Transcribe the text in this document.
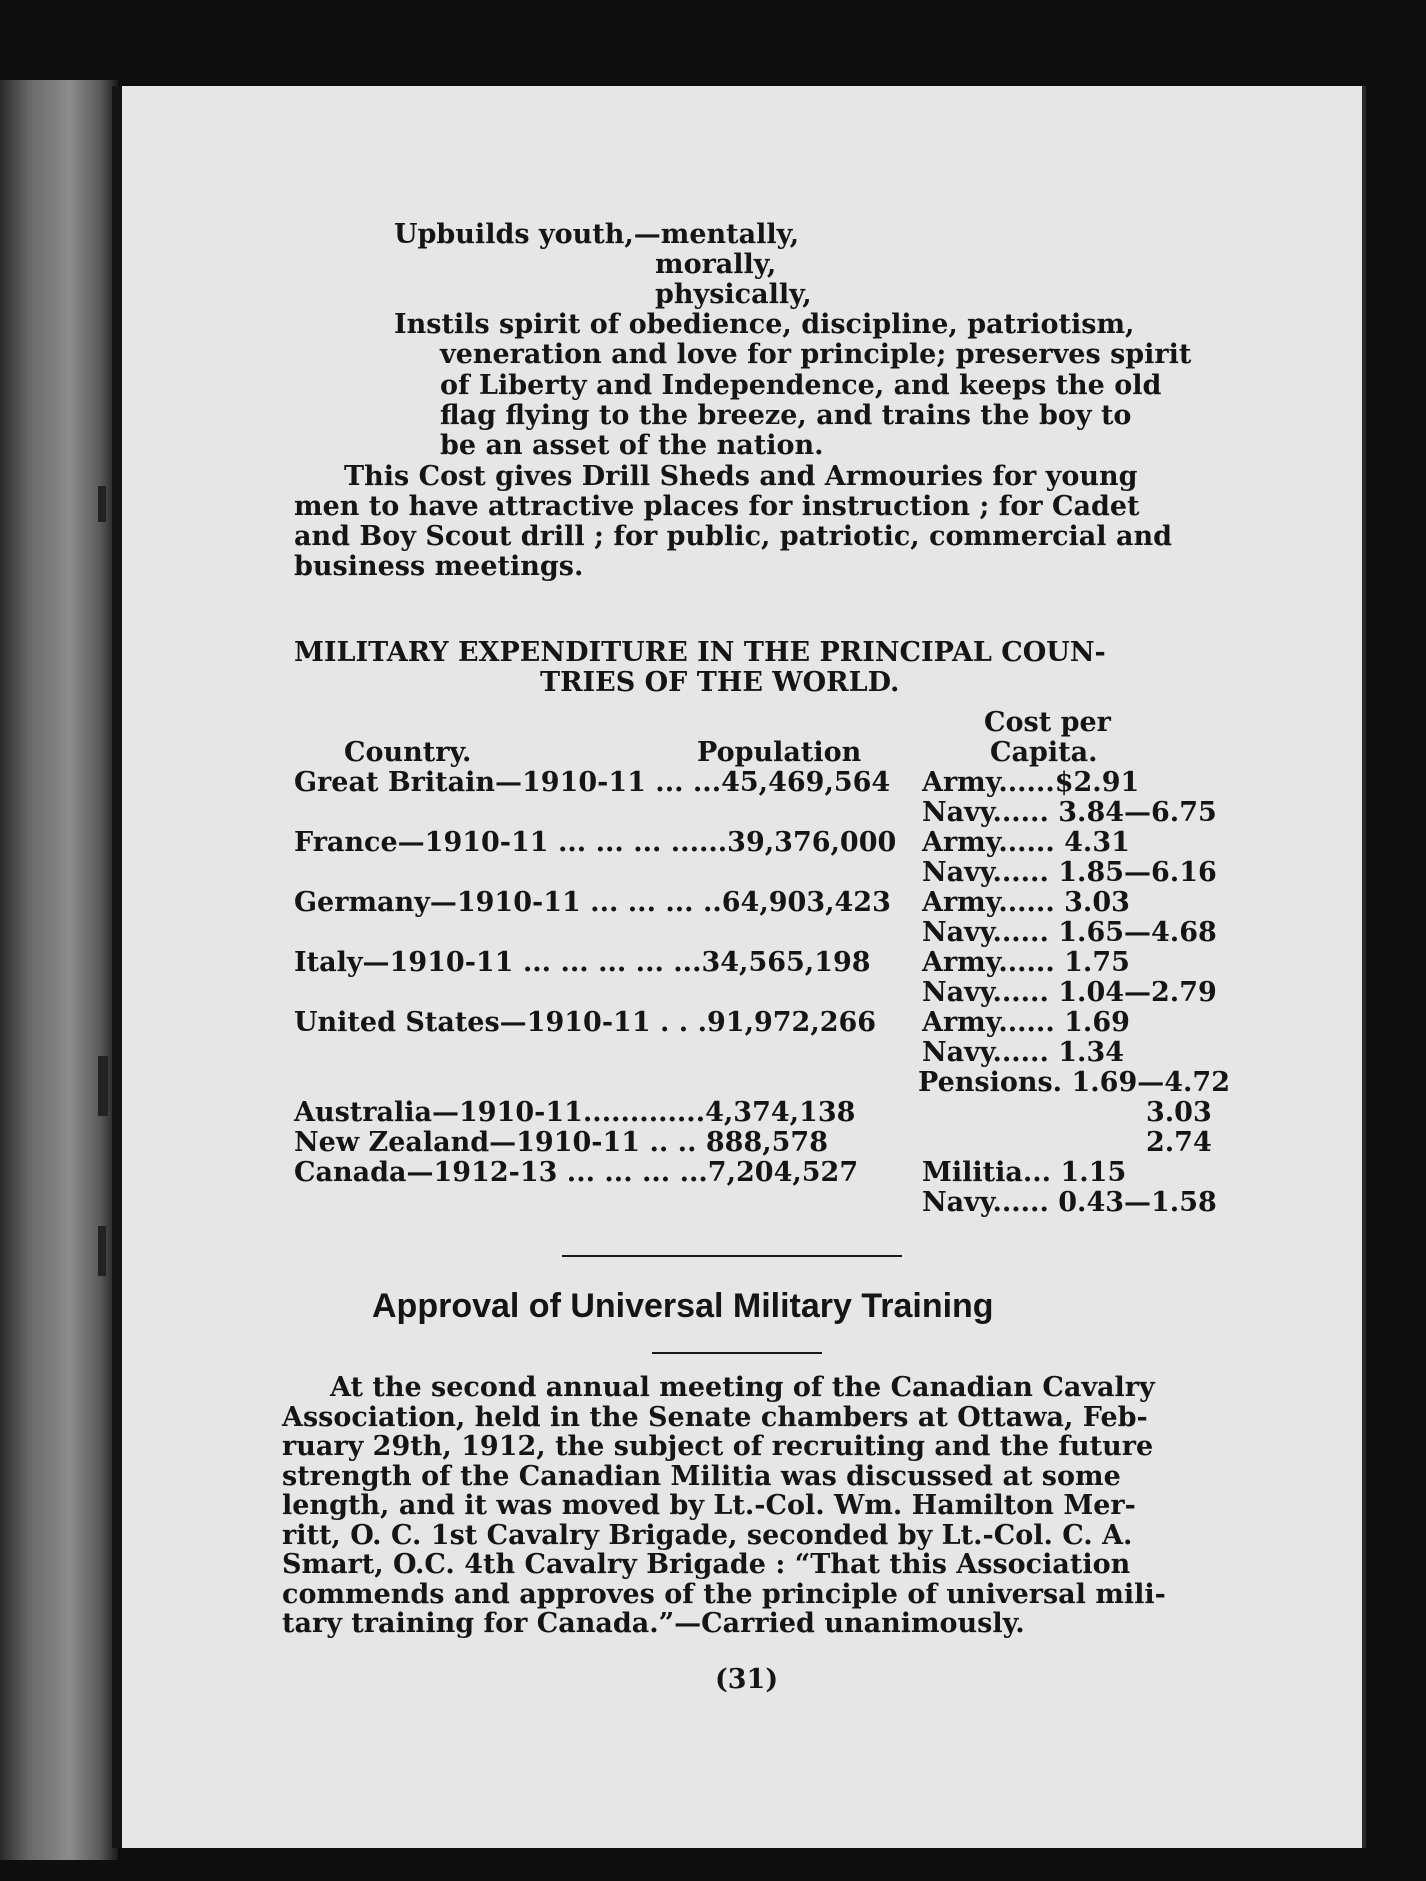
Upbuilds youth,—mentally,
morally,
physically,
Instils spirit of obedience, discipline, patriotism,
veneration and love for principle; preserves spirit
of Liberty and Independence, and keeps the old
flag flying to the breeze, and trains the boy to
be an asset of the nation.
This Cost gives Drill Sheds and Armouries for young
men to have attractive places for instruction ; for Cadet
and Boy Scout drill ; for public, patriotic, commercial and
business meetings.
MILITARY EXPENDITURE IN THE PRINCIPAL COUN-
TRIES OF THE WORLD.
Cost per
Country.	Population	Capita.
Great Britain—1910-11 ... ...45,469,564 Army......$2.91
Navy...... 3.84—6.75
France—1910-11 ... ... ... ......39,376,000 Army...... 4.31
Navy...... 1.85—6.16
Germany—1910-11 ... ... ... ..64,903,423 Army...... 3.03
Navy...... 1.65—4.68
Italy—1910-11 ... ... ... ... ...34,565,198 Army...... 1.75
Navy...... 1.04—2.79
United States—1910-11 . . .91,972,266 Army...... 1.69
Navy...... 1.34
Pensions. 1.69—4.72
Australia—1910-11.............4,374,138	3.03
New Zealand—1910-11 .. .. 888,578	2.74
Canada—1912-13 ... ... ... ...7,204,527 Militia... 1.15
Navy...... 0.43—1.58
Approval of Universal Military Training
At the second annual meeting of the Canadian Cavalry
Association, held in the Senate chambers at Ottawa, Feb-
ruary 29th, 1912, the subject of recruiting and the future
strength of the Canadian Militia was discussed at some
length, and it was moved by Lt.-Col. Wm. Hamilton Mer-
ritt, O. C. 1st Cavalry Brigade, seconded by Lt.-Col. C. A.
Smart, O.C. 4th Cavalry Brigade : “That this Association
commends and approves of the principle of universal mili-
tary training for Canada.”—Carried unanimously.
(31)
